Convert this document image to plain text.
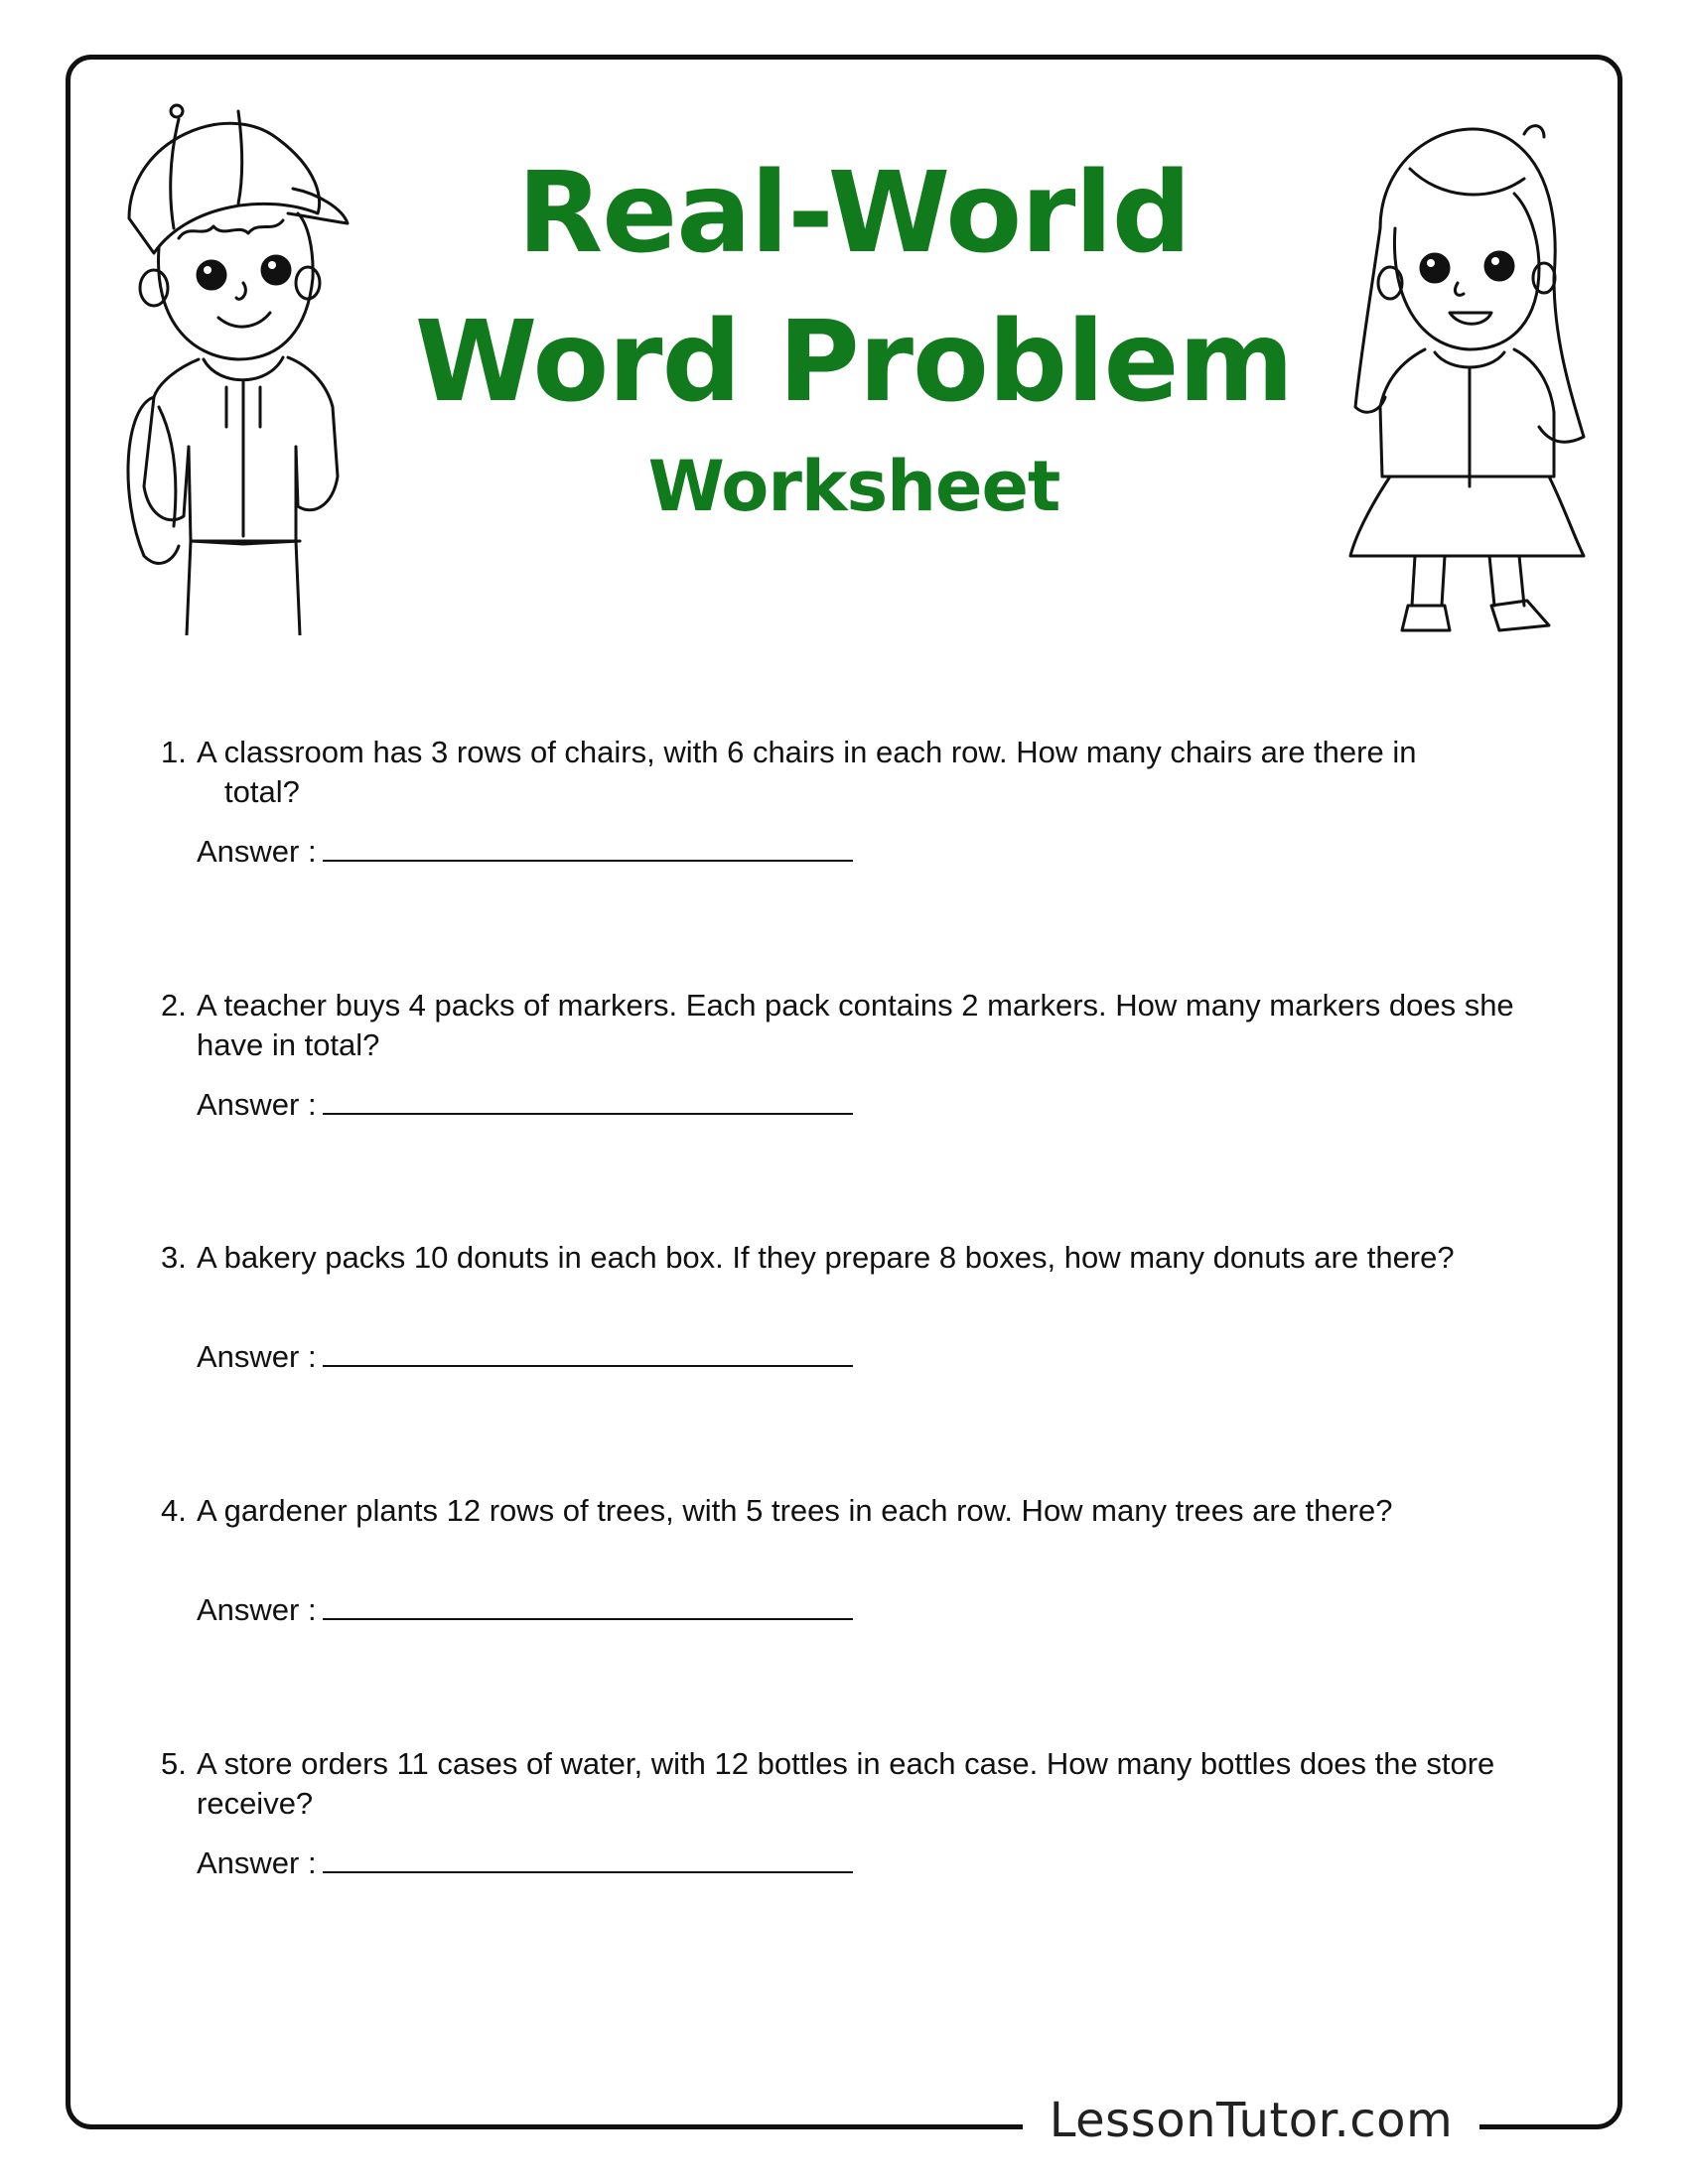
LessonTutor.com
Real-World
Word Problem
Worksheet
1. A classroom has 3 rows of chairs, with 6 chairs in each row. How many chairs are there in
total?
Answer :
2. A teacher buys 4 packs of markers. Each pack contains 2 markers. How many markers does she
have in total?
Answer :
3. A bakery packs 10 donuts in each box. If they prepare 8 boxes, how many donuts are there?
Answer :
4. A gardener plants 12 rows of trees, with 5 trees in each row. How many trees are there?
Answer :
5. A store orders 11 cases of water, with 12 bottles in each case. How many bottles does the store
receive?
Answer :
